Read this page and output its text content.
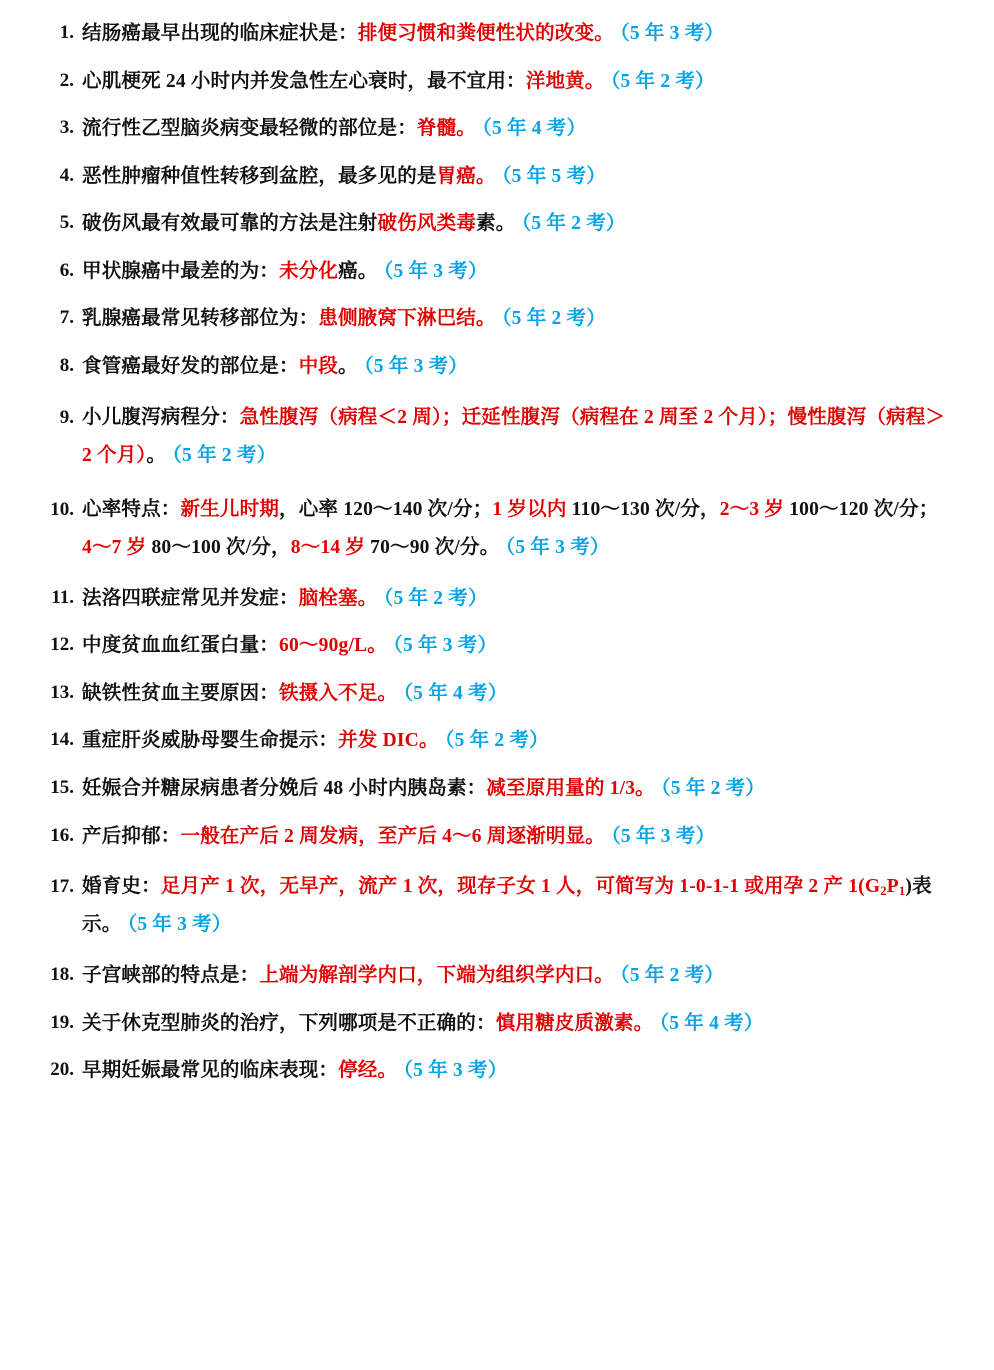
1. 结肠癌最早出现的临床症状是：排便习惯和粪便性状的改变。 （5 年 3 考）
2. 心肌梗死 24 小时内并发急性左心衰时，最不宜用：洋地黄。 （5 年 2 考）
3. 流行性乙型脑炎病变最轻微的部位是：脊髓。 （5 年 4 考）
4. 恶性肿瘤种值性转移到盆腔，最多见的是胃癌。 （5 年 5 考）
5. 破伤风最有效最可靠的方法是注射破伤风类毒素。 （5 年 2 考）
6. 甲状腺癌中最差的为：未分化癌。 （5 年 3 考）
7. 乳腺癌最常见转移部位为：患侧腋窝下淋巴结。 （5 年 2 考）
8. 食管癌最好发的部位是：中段。 （5 年 3 考）
9. 小儿腹泻病程分：急性腹泻（病程＜2 周）；迁延性腹泻（病程在 2 周至 2 个月）；慢性腹泻（病程＞2 个月）。 （5 年 2 考）
10. 心率特点：新生儿时期，心率 120～140 次/分；1 岁以内 110～130 次/分，2～3 岁 100～120 次/分；4～7 岁 80～100 次/分，8～14 岁 70～90 次/分。 （5 年 3 考）
11. 法洛四联症常见并发症：脑栓塞。 （5 年 2 考）
12. 中度贫血血红蛋白量：60～90g/L。 （5 年 3 考）
13. 缺铁性贫血主要原因：铁摄入不足。 （5 年 4 考）
14. 重症肝炎威胁母婴生命提示：并发 DIC。 （5 年 2 考）
15. 妊娠合并糖尿病患者分娩后 48 小时内胰岛素：减至原用量的 1/3。 （5 年 2 考）
16. 产后抑郁：一般在产后 2 周发病，至产后 4～6 周逐渐明显。 （5 年 3 考）
17. 婚育史：足月产 1 次，无早产，流产 1 次，现存子女 1 人，可简写为 1-0-1-1 或用孕 2 产 $1(G_2P_1)$表示。 （5 年 3 考）
18. 子宫峡部的特点是：上端为解剖学内口，下端为组织学内口。 （5 年 2 考）
19. 关于休克型肺炎的治疗，下列哪项是不正确的：慎用糖皮质激素。 （5 年 4 考）
20. 早期妊娠最常见的临床表现：停经。 （5 年 3 考）
